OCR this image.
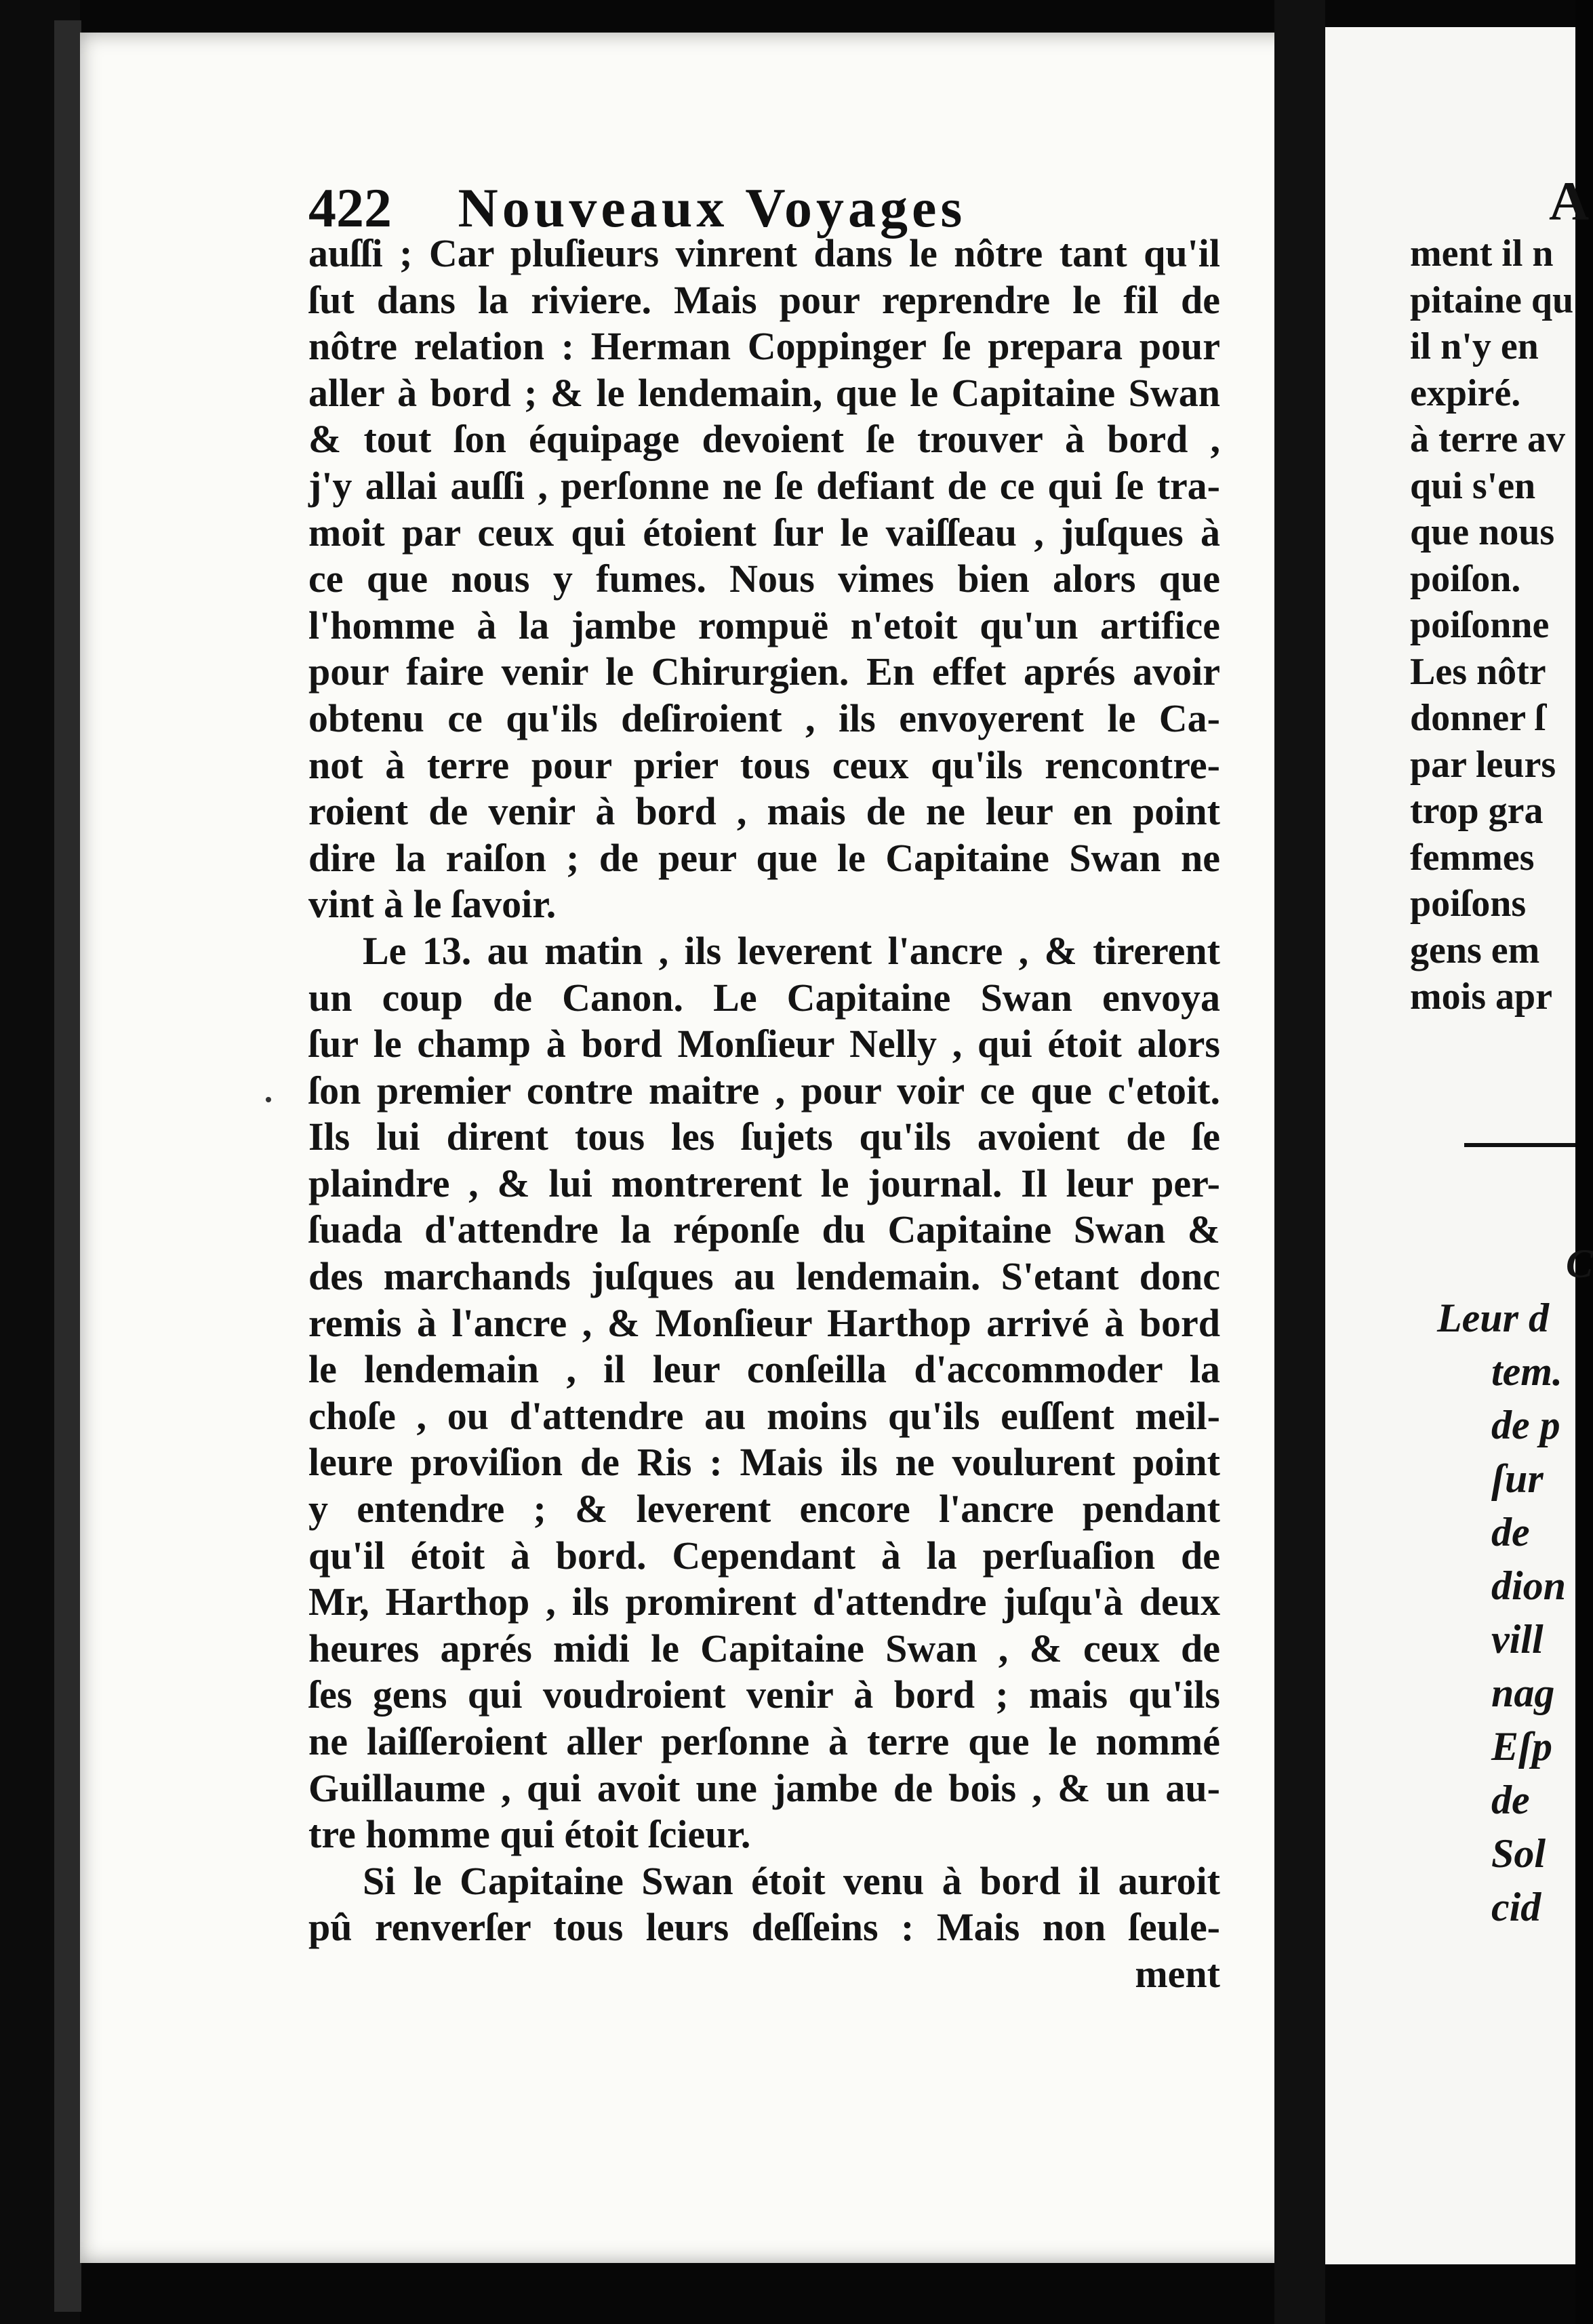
422 Nouveaux Voyages
auſſi ; Car pluſieurs vinrent dans le nôtre tant qu'il
ſut dans la riviere. Mais pour reprendre le fil de
nôtre relation : Herman Coppinger ſe prepara pour
aller à bord ; & le lendemain, que le Capitaine Swan
& tout ſon équipage devoient ſe trouver à bord ,
j'y allai auſſi , perſonne ne ſe defiant de ce qui ſe tra-
moit par ceux qui étoient ſur le vaiſſeau , juſques à
ce que nous y fumes. Nous vimes bien alors que
l'homme à la jambe rompuë n'etoit qu'un artifice
pour faire venir le Chirurgien. En effet aprés avoir
obtenu ce qu'ils deſiroient , ils envoyerent le Ca-
not à terre pour prier tous ceux qu'ils rencontre-
roient de venir à bord , mais de ne leur en point
dire la raiſon ; de peur que le Capitaine Swan ne
vint à le ſavoir.
Le 13. au matin , ils leverent l'ancre , & tirerent
un coup de Canon. Le Capitaine Swan envoya
ſur le champ à bord Monſieur Nelly , qui étoit alors
ſon premier contre maitre , pour voir ce que c'etoit.
Ils lui dirent tous les ſujets qu'ils avoient de ſe
plaindre , & lui montrerent le journal. Il leur per-
ſuada d'attendre la réponſe du Capitaine Swan &
des marchands juſques au lendemain. S'etant donc
remis à l'ancre , & Monſieur Harthop arrivé à bord
le lendemain , il leur conſeilla d'accommoder la
choſe , ou d'attendre au moins qu'ils euſſent meil-
leure proviſion de Ris : Mais ils ne voulurent point
y entendre ; & leverent encore l'ancre pendant
qu'il étoit à bord. Cependant à la perſuaſion de
Mr, Harthop , ils promirent d'attendre juſqu'à deux
heures aprés midi le Capitaine Swan , & ceux de
ſes gens qui voudroient venir à bord ; mais qu'ils
ne laiſſeroient aller perſonne à terre que le nommé
Guillaume , qui avoit une jambe de bois , & un au-
tre homme qui étoit ſcieur.
Si le Capitaine Swan étoit venu à bord il auroit
pû renverſer tous leurs deſſeins : Mais non ſeule-
ment
A
ment il n
pitaine qu
il n'y en
expiré.
à terre av
qui s'en
que nous
poiſon.
poiſonne
Les nôtr
donner ſ
par leurs
trop gra
femmes
poiſons
gens em
mois apr
C
Leur d
tem.
de p
ſur
de
dion
vill
nag
Eſp
de
Sol
cid
